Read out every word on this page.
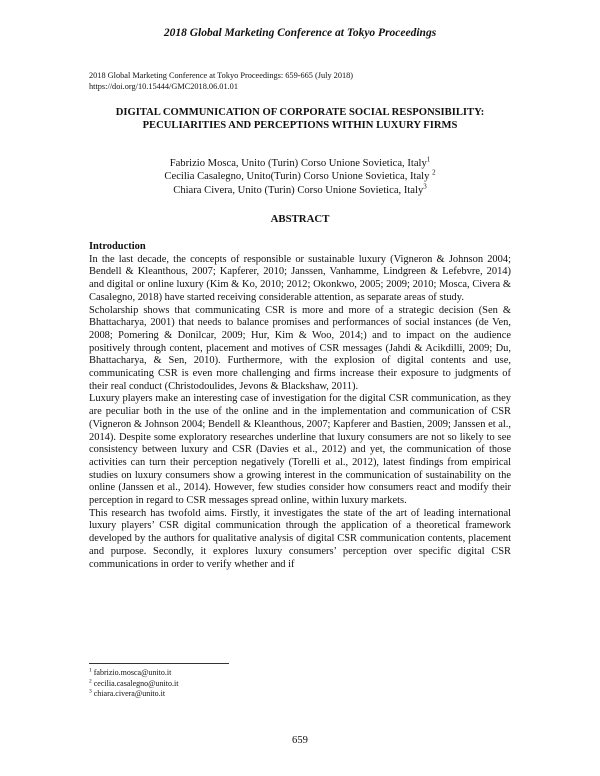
2018 Global Marketing Conference at Tokyo Proceedings
2018 Global Marketing Conference at Tokyo Proceedings: 659-665 (July 2018)
https://doi.org/10.15444/GMC2018.06.01.01
DIGITAL COMMUNICATION OF CORPORATE SOCIAL RESPONSIBILITY: PECULIARITIES AND PERCEPTIONS WITHIN LUXURY FIRMS
Fabrizio Mosca, Unito (Turin) Corso Unione Sovietica, Italy$^1$
Cecilia Casalegno, Unito(Turin) Corso Unione Sovietica, Italy $^2$
Chiara Civera, Unito (Turin) Corso Unione Sovietica, Italy$^3$
ABSTRACT
Introduction

In the last decade, the concepts of responsible or sustainable luxury (Vigneron & Johnson 2004; Bendell & Kleanthous, 2007; Kapferer, 2010; Janssen, Vanhamme, Lindgreen & Lefebvre, 2014) and digital or online luxury (Kim & Ko, 2010; 2012; Okonkwo, 2005; 2009; 2010; Mosca, Civera & Casalegno, 2018) have started receiving considerable attention, as separate areas of study.

Scholarship shows that communicating CSR is more and more of a strategic decision (Sen & Bhattacharya, 2001) that needs to balance promises and performances of social instances (de Ven, 2008; Pomering & Donilcar, 2009; Hur, Kim & Woo, 2014;) and to impact on the audience positively through content, placement and motives of CSR messages (Jahdi & Acikdilli, 2009; Du, Bhattacharya, & Sen, 2010). Furthermore, with the explosion of digital contents and use, communicating CSR is even more challenging and firms increase their exposure to judgments of their real conduct (Christodoulides, Jevons & Blackshaw, 2011).

Luxury players make an interesting case of investigation for the digital CSR communication, as they are peculiar both in the use of the online and in the implementation and communication of CSR (Vigneron & Johnson 2004; Bendell & Kleanthous, 2007; Kapferer and Bastien, 2009; Janssen et al., 2014). Despite some exploratory researches underline that luxury consumers are not so likely to see consistency between luxury and CSR (Davies et al., 2012) and yet, the communication of those activities can turn their perception negatively (Torelli et al., 2012), latest findings from empirical studies on luxury consumers show a growing interest in the communication of sustainability on the online (Janssen et al., 2014). However, few studies consider how consumers react and modify their perception in regard to CSR messages spread online, within luxury markets.

This research has twofold aims. Firstly, it investigates the state of the art of leading international luxury players’ CSR digital communication through the application of a theoretical framework developed by the authors for qualitative analysis of digital CSR communication contents, placement and purpose. Secondly, it explores luxury consumers’ perception over specific digital CSR communications in order to verify whether and if

$^1$ fabrizio.mosca@unito.it
$^2$ cecilia.casalegno@unito.it
$^3$ chiara.civera@unito.it
659
